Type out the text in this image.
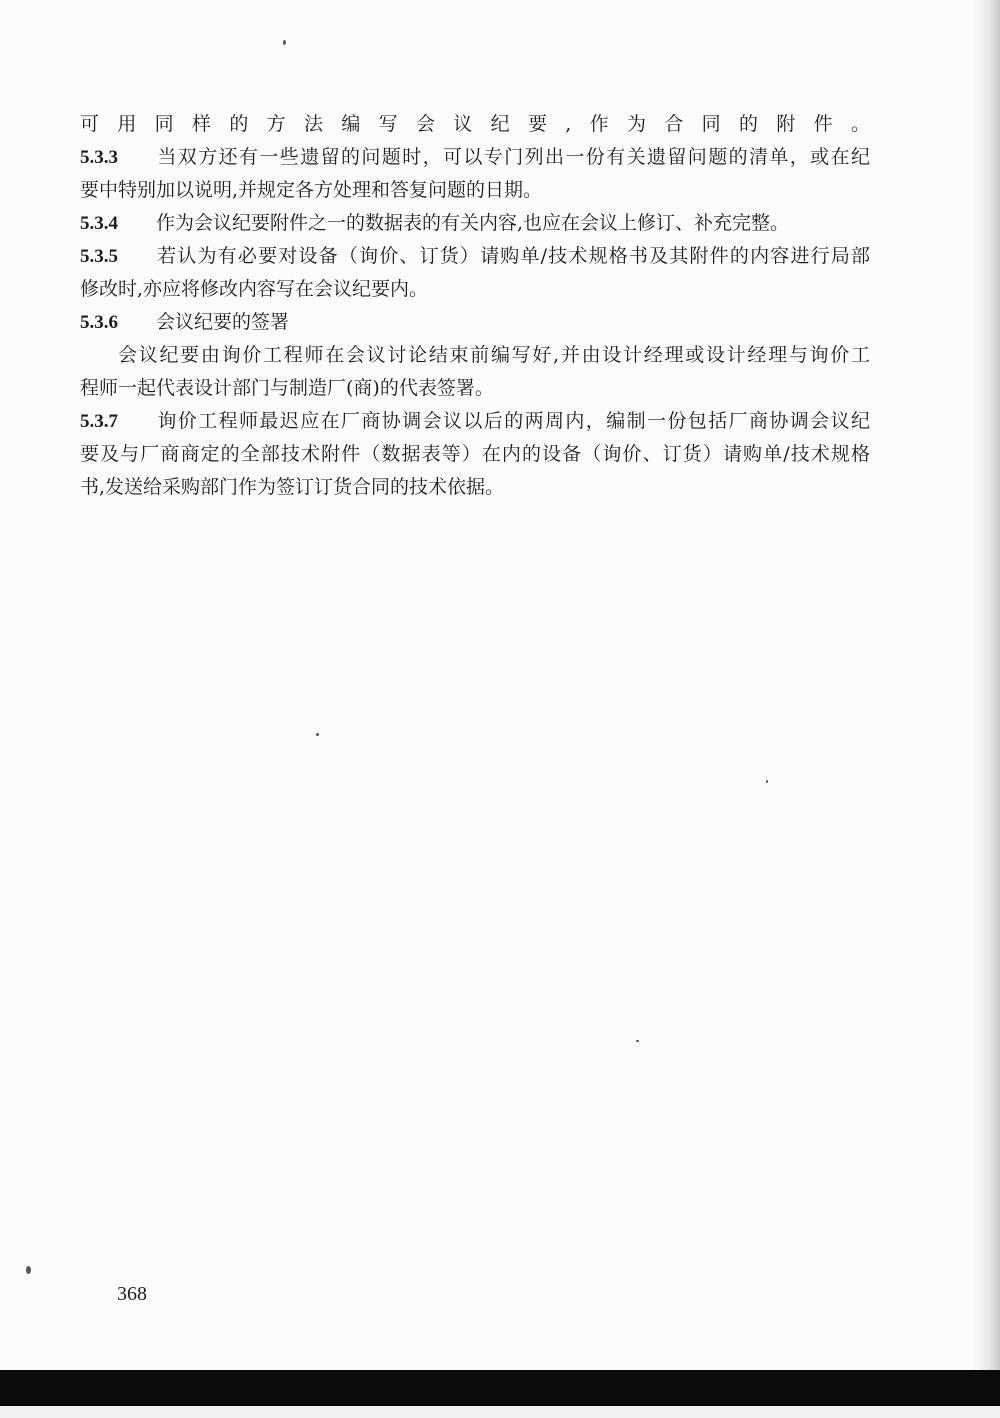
可用同样的方法编写会议纪要,作为合同的附件。
5.3.3 当双方还有一些遗留的问题时，可以专门列出一份有关遗留问题的清单，或在纪
要中特别加以说明,并规定各方处理和答复问题的日期。
5.3.4 作为会议纪要附件之一的数据表的有关内容,也应在会议上修订、补充完整。
5.3.5 若认为有必要对设备（询价、订货）请购单/技术规格书及其附件的内容进行局部
修改时,亦应将修改内容写在会议纪要内。
5.3.6 会议纪要的签署
会议纪要由询价工程师在会议讨论结束前编写好,并由设计经理或设计经理与询价工
程师一起代表设计部门与制造厂(商)的代表签署。
5.3.7 询价工程师最迟应在厂商协调会议以后的两周内，编制一份包括厂商协调会议纪
要及与厂商商定的全部技术附件（数据表等）在内的设备（询价、订货）请购单/技术规格
书,发送给采购部门作为签订订货合同的技术依据。
368
